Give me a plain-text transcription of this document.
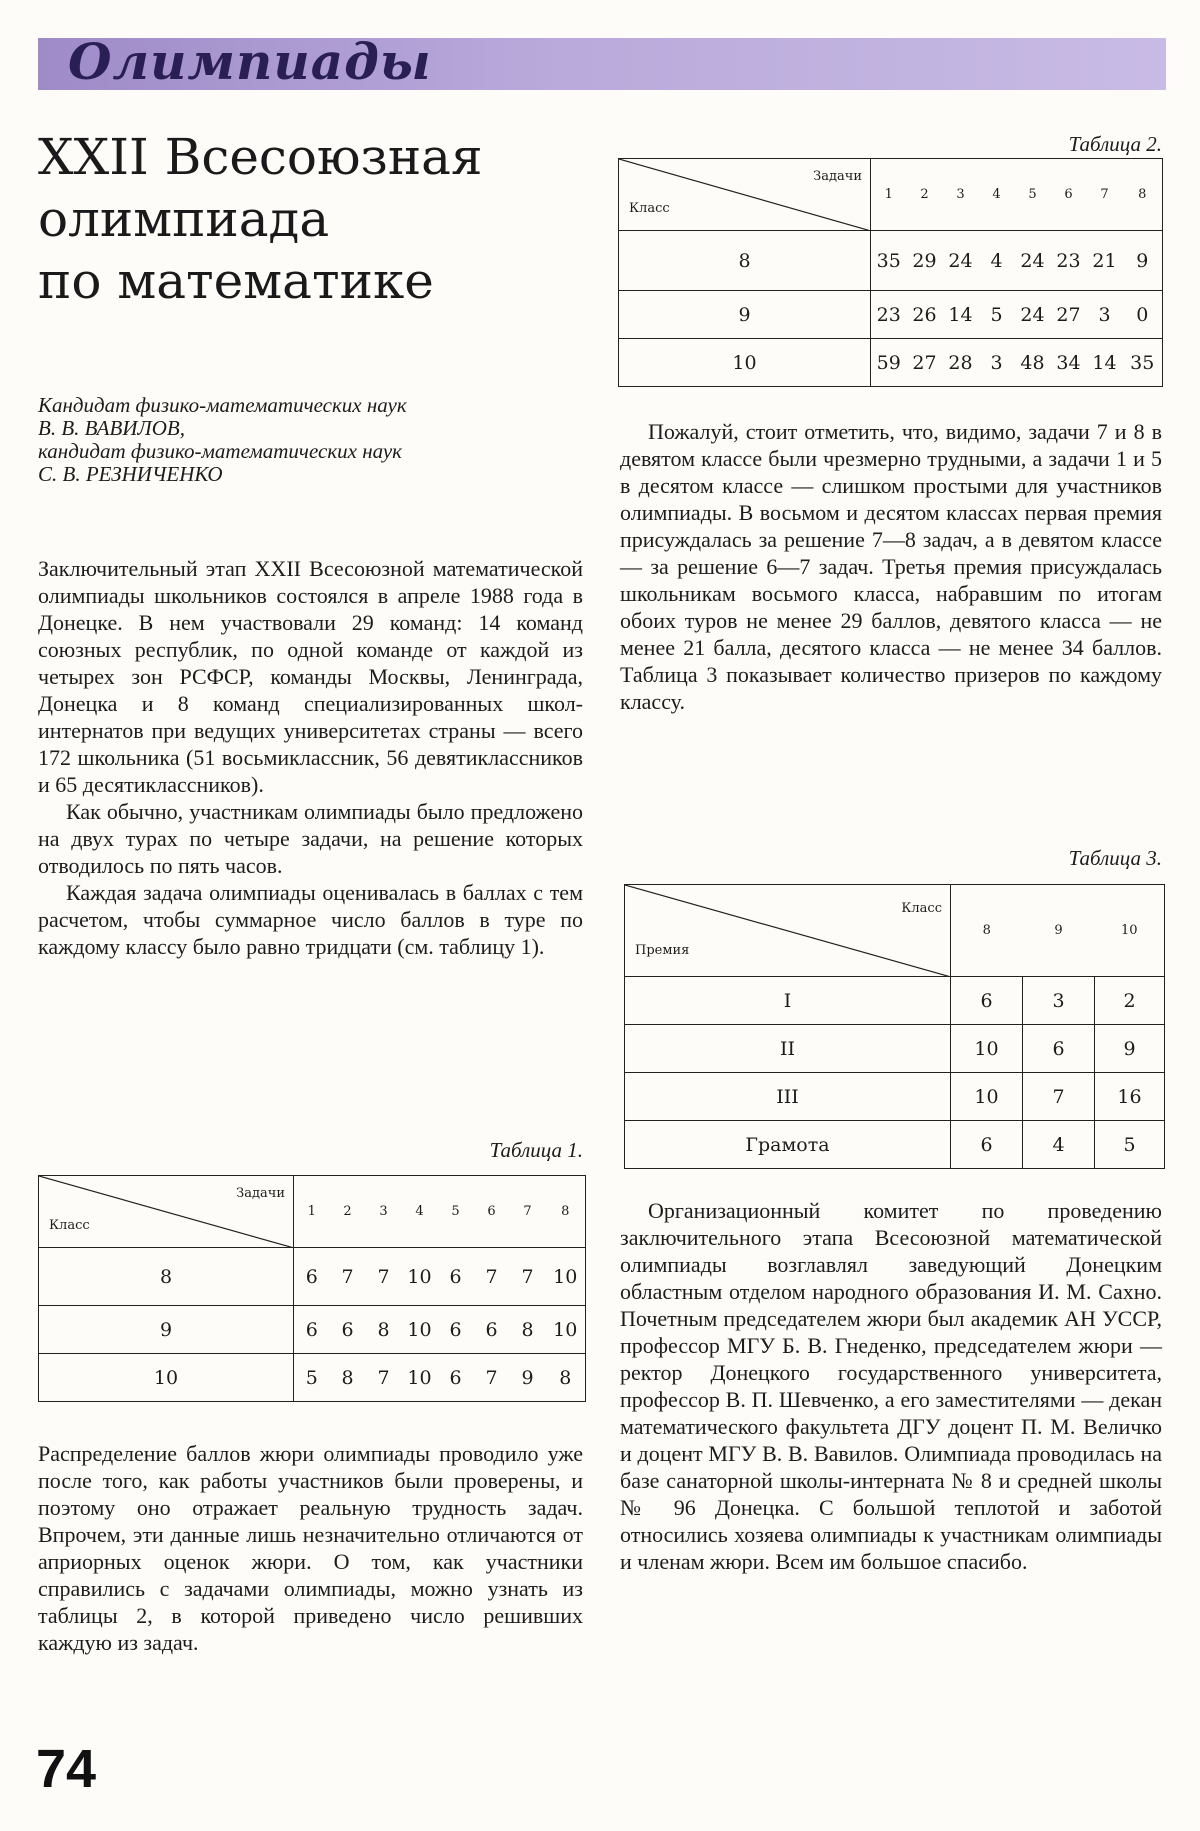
Олимпиады
XXII Всесоюзная
олимпиада
по математике
Кандидат физико-математических наук
В. В. ВАВИЛОВ,
кандидат физико-математических наук
С. В. РЕЗНИЧЕНКО

Заключительный этап XXII Всесоюзной математической олимпиады школьников состоялся в апреле 1988 года в Донецке. В нем участвовали 29 команд: 14 команд союзных республик, по одной команде от каждой из четырех зон РСФСР, команды Москвы, Ленинграда, Донецка и 8 команд специализированных школ-интернатов при ведущих университетах страны — всего 172 школьника (51 восьмиклассник, 56 девятиклассников и 65 десятиклассников).

Как обычно, участникам олимпиады было предложено на двух турах по четыре задачи, на решение которых отводилось по пять часов.

Каждая задача олимпиады оценивалась в баллах с тем расчетом, чтобы суммарное число баллов в туре по каждому классу было равно тридцати (см. таблицу 1).

Таблица 1.
Задачи
Класс	1	2	3	4	5	6	7	8
8	6	7	7	10	6	7	7	10
9	6	6	8	10	6	6	8	10
10	5	8	7	10	6	7	9	8

Распределение баллов жюри олимпиады проводило уже после того, как работы участников были проверены, и поэтому оно отражает реальную трудность задач. Впрочем, эти данные лишь незначительно отличаются от априорных оценок жюри. О том, как участники справились с задачами олимпиады, можно узнать из таблицы 2, в которой приведено число решивших каждую из задач.

Таблица 2.
Задачи
Класс	1	2	3	4	5	6	7	8
8	35	29	24	4	24	23	21	9
9	23	26	14	5	24	27	3	0
10	59	27	28	3	48	34	14	35

Пожалуй, стоит отметить, что, видимо, задачи 7 и 8 в девятом классе были чрезмерно трудными, а задачи 1 и 5 в десятом классе — слишком простыми для участников олимпиады. В восьмом и десятом классах первая премия присуждалась за решение 7—8 задач, а в девятом классе — за решение 6—7 задач. Третья премия присуждалась школьникам восьмого класса, набравшим по итогам обоих туров не менее 29 баллов, девятого класса — не менее 21 балла, десятого класса — не менее 34 баллов. Таблица 3 показывает количество призеров по каждому классу.

Таблица 3.
Класс
Премия	8	9	10
I	6	3	2
II	10	6	9
III	10	7	16
Грамота	6	4	5

Организационный комитет по проведению заключительного этапа Всесоюзной математической олимпиады возглавлял заведующий Донецким областным отделом народного образования И. М. Сахно. Почетным председателем жюри был академик АН УССР, профессор МГУ Б. В. Гнеденко, председателем жюри — ректор Донецкого государственного университета, профессор В. П. Шевченко, а его заместителями — декан математического факультета ДГУ доцент П. М. Величко и доцент МГУ В. В. Вавилов. Олимпиада проводилась на базе санаторной школы-интерната № 8 и средней школы № 96 Донецка. С большой теплотой и заботой относились хозяева олимпиады к участникам олимпиады и членам жюри. Всем им большое спасибо.

74
